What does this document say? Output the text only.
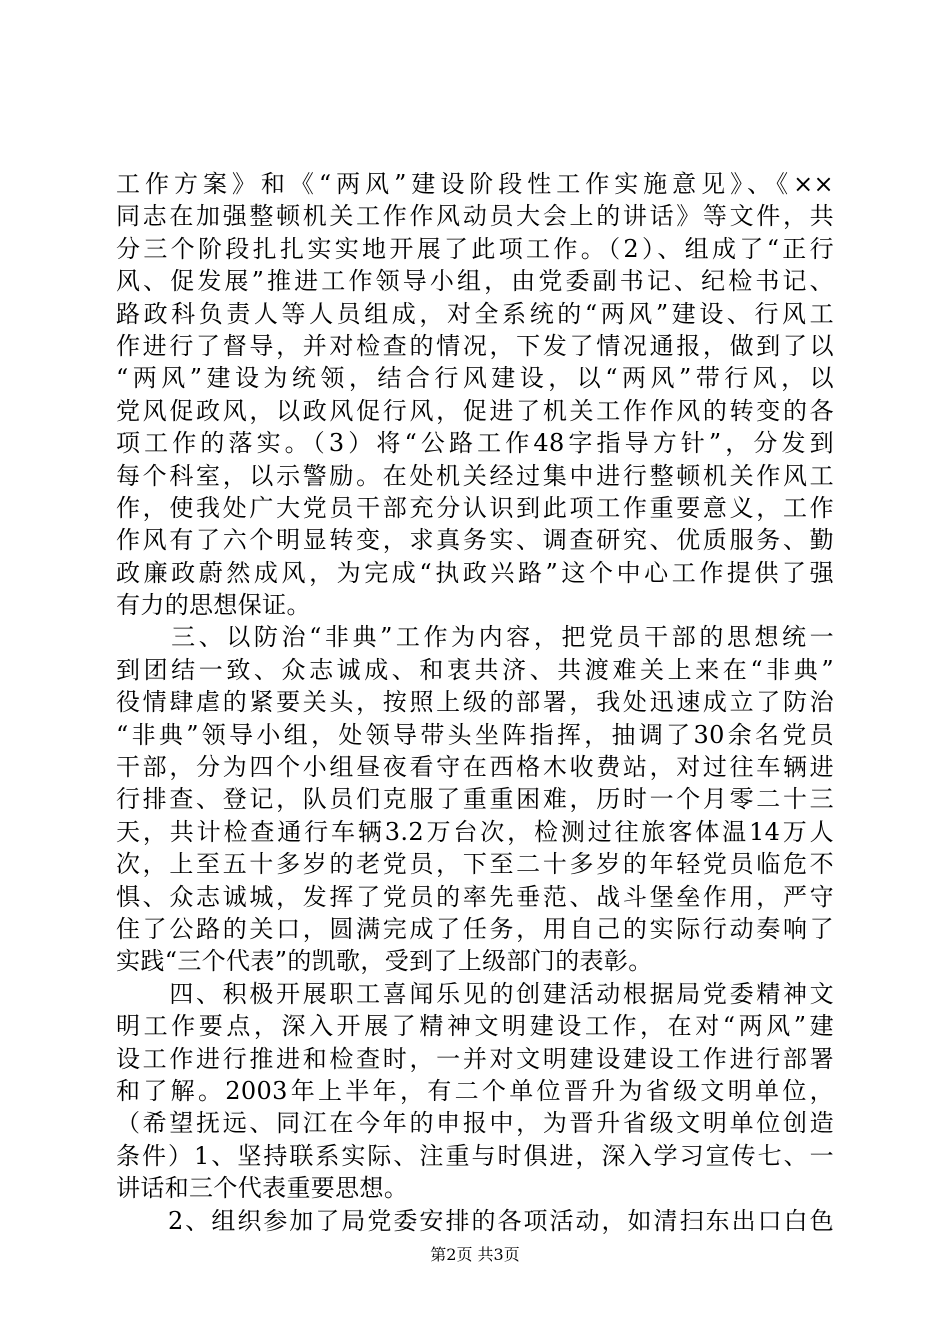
工作方案》和《“两风”建设阶段性工作实施意见》、《××
同志在加强整顿机关工作作风动员大会上的讲话》等文件，共
分三个阶段扎扎实实地开展了此项工作。（2）、组成了“正行
风、促发展”推进工作领导小组，由党委副书记、纪检书记、
路政科负责人等人员组成，对全系统的“两风”建设、行风工
作进行了督导，并对检查的情况，下发了情况通报，做到了以
“两风”建设为统领，结合行风建设，以“两风”带行风，以
党风促政风，以政风促行风，促进了机关工作作风的转变的各
项工作的落实。（3）将“公路工作48字指导方针”，分发到
每个科室，以示警励。在处机关经过集中进行整顿机关作风工
作，使我处广大党员干部充分认识到此项工作重要意义，工作
作风有了六个明显转变，求真务实、调查研究、优质服务、勤
政廉政蔚然成风，为完成“执政兴路”这个中心工作提供了强
有力的思想保证。
　　三、以防治“非典”工作为内容，把党员干部的思想统一
到团结一致、众志诚成、和衷共济、共渡难关上来在“非典”
役情肆虐的紧要关头，按照上级的部署，我处迅速成立了防治
“非典”领导小组，处领导带头坐阵指挥，抽调了30余名党员
干部，分为四个小组昼夜看守在西格木收费站，对过往车辆进
行排查、登记，队员们克服了重重困难，历时一个月零二十三
天，共计检查通行车辆3.2万台次，检测过往旅客体温14万人
次，上至五十多岁的老党员，下至二十多岁的年轻党员临危不
惧、众志诚城，发挥了党员的率先垂范、战斗堡垒作用，严守
住了公路的关口，圆满完成了任务，用自己的实际行动奏响了
实践“三个代表”的凯歌，受到了上级部门的表彰。
　　四、积极开展职工喜闻乐见的创建活动根据局党委精神文
明工作要点，深入开展了精神文明建设工作，在对“两风”建
设工作进行推进和检查时，一并对文明建设建设工作进行部署
和了解。2003年上半年，有二个单位晋升为省级文明单位，
（希望抚远、同江在今年的申报中，为晋升省级文明单位创造
条件）1、坚持联系实际、注重与时俱进，深入学习宣传七、一
讲话和三个代表重要思想。
　　2、组织参加了局党委安排的各项活动，如清扫东出口白色
第2页 共3页
